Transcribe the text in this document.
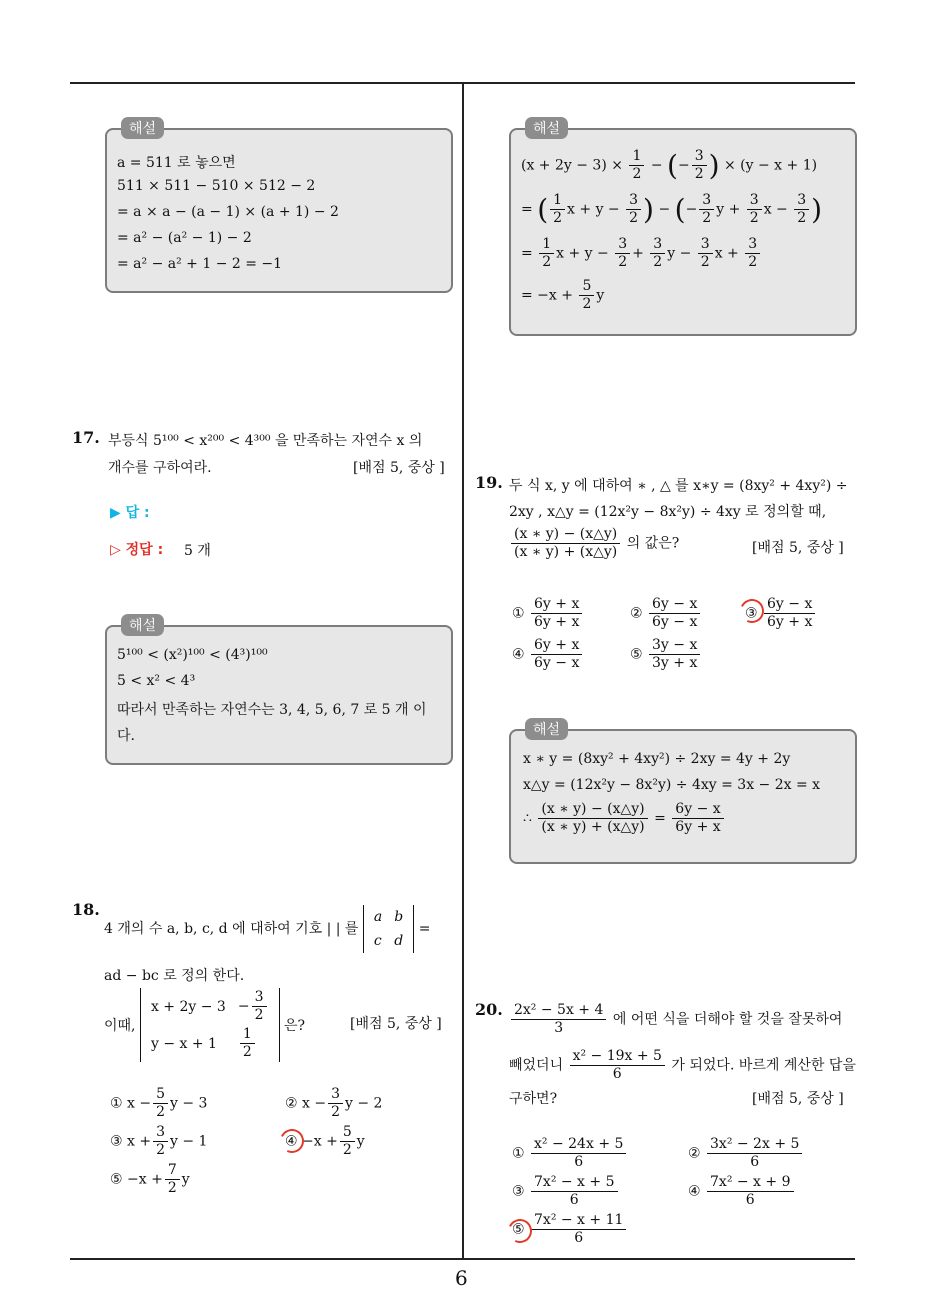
6
해설
a = 511 로 놓으면
511 × 511 − 510 × 512 − 2
= a × a − (a − 1) × (a + 1) − 2
= a² − (a² − 1) − 2
= a² − a² + 1 − 2 = −1
해설
$(x + 2y - 3) \times \frac{1}{2}$ − (− $\frac{3}{2}$ ) × (y − x + 1)
= ( $\frac{1}{2}$ $x + y - \frac{3}{2}$ ) − (− $\frac{3}{2}$ $y + \frac{3}{2}$ $x - \frac{3}{2}$ )
= $\frac{1}{2}$ $x + y - \frac{3}{2} + \frac{3}{2}$ $y - \frac{3}{2}$ $x + \frac{3}{2}$
= $-x + \frac{5}{2}$ y
17. 부등식 5¹⁰⁰ < x²⁰⁰ < 4³⁰⁰ 을 만족하는 자연수 x 의
개수를 구하여라.	[배점 5, 중상 ]
▶ 답 :
▷ 정답 : 5 개
해설
5¹⁰⁰ < (x²)¹⁰⁰ < (4³)¹⁰⁰
5 < x² < 4³
따라서 만족하는 자연수는 3, 4, 5, 6, 7 로 5 개 이
다.
18.
4 개의 수 a, b, c, d 에 대하여 기호 | | 를
a	b
c	d
=
ad − bc 로 정의 한다.
이때,
x + 2y − 3	− $\frac{3}{2}$

y − x + 1	$\frac{1}{2}$ 은?	[배점 5, 중상 ]
① $x - \frac{5}{2}$ y − 3	② $x - \frac{3}{2}$ y − 2
③ $x + \frac{3}{2}$ y − 1	④ $-x + \frac{5}{2}$ y
⑤ $-x + \frac{7}{2}$ y
19. 두 식 x, y 에 대하여 ∗ , △ 를 x∗y = (8xy² + 4xy²) ÷
2xy , x△y = (12x²y − 8x²y) ÷ 4xy 로 정의할 때,
$\frac{(x ∗ y) - (x\triangle y)}{(x ∗ y) + (x\triangle y)}$ 의 값은?	[배점 5, 중상 ]
① $\frac{6y + x}{6y + x}$	② $\frac{6y - x}{6y - x}$	③ $\frac{6y - x}{6y + x}$
④ $\frac{6y + x}{6y - x}$	⑤ $\frac{3y - x}{3y + x}$
해설
x ∗ y = (8xy² + 4xy²) ÷ 2xy = 4y + 2y
x△y = (12x²y − 8x²y) ÷ 4xy = 3x − 2x = x
∴ $\frac{(x ∗ y) - (x\triangle y)}{(x ∗ y) + (x\triangle y)} = \frac{6y - x}{6y + x}$
20. $\frac{\text{2x² − 5x + 4}}{3}$ 에 어떤 식을 더해야 할 것을 잘못하여
빼었더니 $\frac{\text{x² − 19x + 5}}{6}$ 가 되었다. 바르게 계산한 답을
구하면?	[배점 5, 중상 ]
① $\frac{\text{x² − 24x + 5}}{6}$	② $\frac{\text{3x² − 2x + 5}}{6}$
③ $\frac{\text{7x² − x + 5}}{6}$	④ $\frac{\text{7x² − x + 9}}{6}$
⑤ $\frac{\text{7x² − x + 11}}{6}$
